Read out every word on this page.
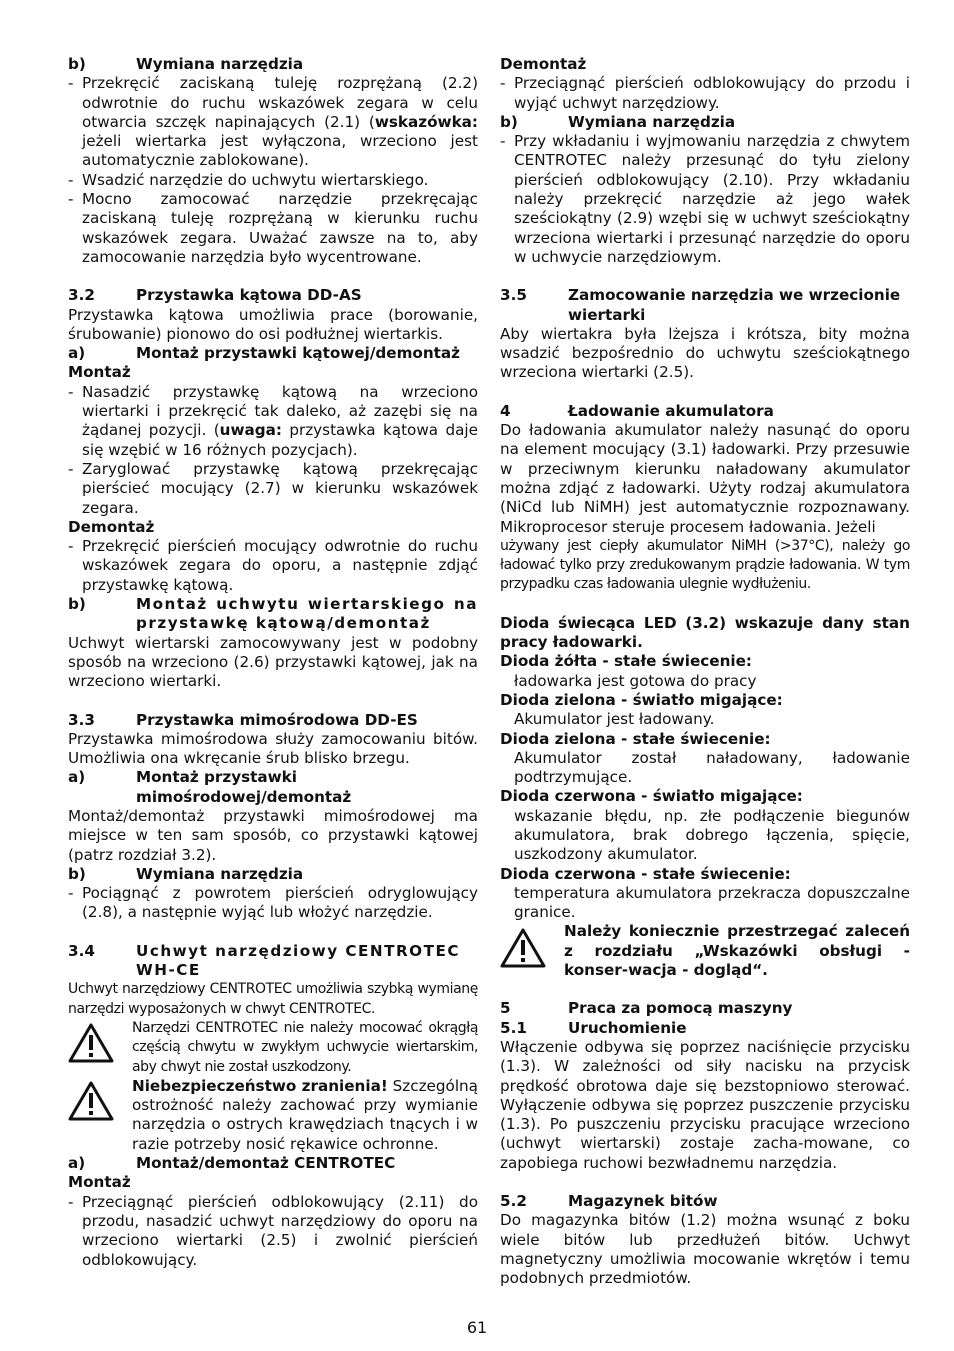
b)	Wymiana narzędzia
- Przekręcić zaciskaną tuleję rozprężaną (2.2) odwrotnie do ruchu wskazówek zegara w celu otwarcia szczęk napinających (2.1) (wskazówka: jeżeli wiertarka jest wyłączona, wrzeciono jest automatycznie zablokowane).
- Wsadzić narzędzie do uchwytu wiertarskiego.
- Mocno zamocować narzędzie przekręcając zaciskaną tuleję rozprężaną w kierunku ruchu wskazówek zegara. Uważać zawsze na to, aby zamocowanie narzędzia było wycentrowane.
3.2	Przystawka kątowa DD-AS
Przystawka kątowa umożliwia prace (borowanie, śrubowanie) pionowo do osi podłużnej wiertarkis.
a)	Montaż przystawki kątowej/demontaż
Montaż
- Nasadzić przystawkę kątową na wrzeciono wiertarki i przekręcić tak daleko, aż zazębi się na żądanej pozycji. (uwaga: przystawka kątowa daje się wzębić w 16 różnych pozycjach).
- Zaryglować przystawkę kątową przekręcając pierścieć mocujący (2.7) w kierunku wskazówek zegara.
Demontaż
- Przekręcić pierścień mocujący odwrotnie do ruchu wskazówek zegara do oporu, a następnie zdjąć przystawkę kątową.
b)	Montaż uchwytu wiertarskiego na przystawkę kątową/demontaż
Uchwyt wiertarski zamocowywany jest w podobny sposób na wrzeciono (2.6) przystawki kątowej, jak na wrzeciono wiertarki.
3.3	Przystawka mimośrodowa DD-ES
Przystawka mimośrodowa służy zamocowaniu bitów. Umożliwia ona wkręcanie śrub blisko brzegu.
a)	Montaż przystawki mimośrodowej/demontaż
Montaż/demontaż przystawki mimośrodowej ma miejsce w ten sam sposób, co przystawki kątowej (patrz rozdział 3.2).
b)	Wymiana narzędzia
- Pociągnąć z powrotem pierścień odryglowujący (2.8), a następnie wyjąć lub włożyć narzędzie.
3.4	Uchwyt narzędziowy CENTROTEC WH-CE
Uchwyt narzędziowy CENTROTEC umożliwia szybką wymianę narzędzi wyposażonych w chwyt CENTROTEC.
Narzędzi CENTROTEC nie należy mocować okrągłą częścią chwytu w zwykłym uchwycie wiertarskim, aby chwyt nie został uszkodzony.
Niebezpieczeństwo zranienia! Szczególną ostrożność należy zachować przy wymianie narzędzia o ostrych krawędziach tnących i w razie potrzeby nosić rękawice ochronne.
a)	Montaż/demontaż CENTROTEC
Montaż
- Przeciągnąć pierścień odblokowujący (2.11) do przodu, nasadzić uchwyt narzędziowy do oporu na wrzeciono wiertarki (2.5) i zwolnić pierścień odblokowujący.
Demontaż
- Przeciągnąć pierścień odblokowujący do przodu i wyjąć uchwyt narzędziowy.
b)	Wymiana narzędzia
- Przy wkładaniu i wyjmowaniu narzędzia z chwytem CENTROTEC należy przesunąć do tyłu zielony pierścień odblokowujący (2.10). Przy wkładaniu należy przekręcić narzędzie aż jego wałek sześciokątny (2.9) wzębi się w uchwyt sześciokątny wrzeciona wiertarki i przesunąć narzędzie do oporu w uchwycie narzędziowym.
3.5	Zamocowanie narzędzia we wrzecionie wiertarki
Aby wiertakra była lżejsza i krótsza, bity można wsadzić bezpośrednio do uchwytu sześciokątnego wrzeciona wiertarki (2.5).
4	Ładowanie akumulatora
Do ładowania akumulator należy nasunąć do oporu na element mocujący (3.1) ładowarki. Przy przesuwie w przeciwnym kierunku naładowany akumulator można zdjąć z ładowarki. Użyty rodzaj akumulatora (NiCd lub NiMH) jest automatycznie rozpoznawany. Mikroprocesor steruje procesem ładowania. Jeżeli
używany jest ciepły akumulator NiMH (>37°C), należy go ładować tylko przy zredukowanym prądzie ładowania. W tym przypadku czas ładowania ulegnie wydłużeniu.
Dioda świecąca LED (3.2) wskazuje dany stan pracy ładowarki.
Dioda żółta - stałe świecenie:
ładowarka jest gotowa do pracy
Dioda zielona - światło migające:
Akumulator jest ładowany.
Dioda zielona - stałe świecenie:
Akumulator został naładowany, ładowanie podtrzymujące.
Dioda czerwona - światło migające:
wskazanie błędu, np. złe podłączenie biegunów akumulatora, brak dobrego łączenia, spięcie, uszkodzony akumulator.
Dioda czerwona - stałe świecenie:
temperatura akumulatora przekracza dopuszczalne granice.
Należy koniecznie przestrzegać zaleceń z rozdziału „Wskazówki obsługi - konser-wacja - dogląd“.
5	Praca za pomocą maszyny
5.1	Uruchomienie
Włączenie odbywa się poprzez naciśnięcie przycisku (1.3). W zależności od siły nacisku na przycisk prędkość obrotowa daje się bezstopniowo sterować. Wyłączenie odbywa się poprzez puszczenie przycisku (1.3). Po puszczeniu przycisku pracujące wrzeciono (uchwyt wiertarski) zostaje zacha-mowane, co zapobiega ruchowi bezwładnemu narzędzia.
5.2	Magazynek bitów
Do magazynka bitów (1.2) można wsunąć z boku wiele bitów lub przedłużeń bitów. Uchwyt magnetyczny umożliwia mocowanie wkrętów i temu podobnych przedmiotów.
61
